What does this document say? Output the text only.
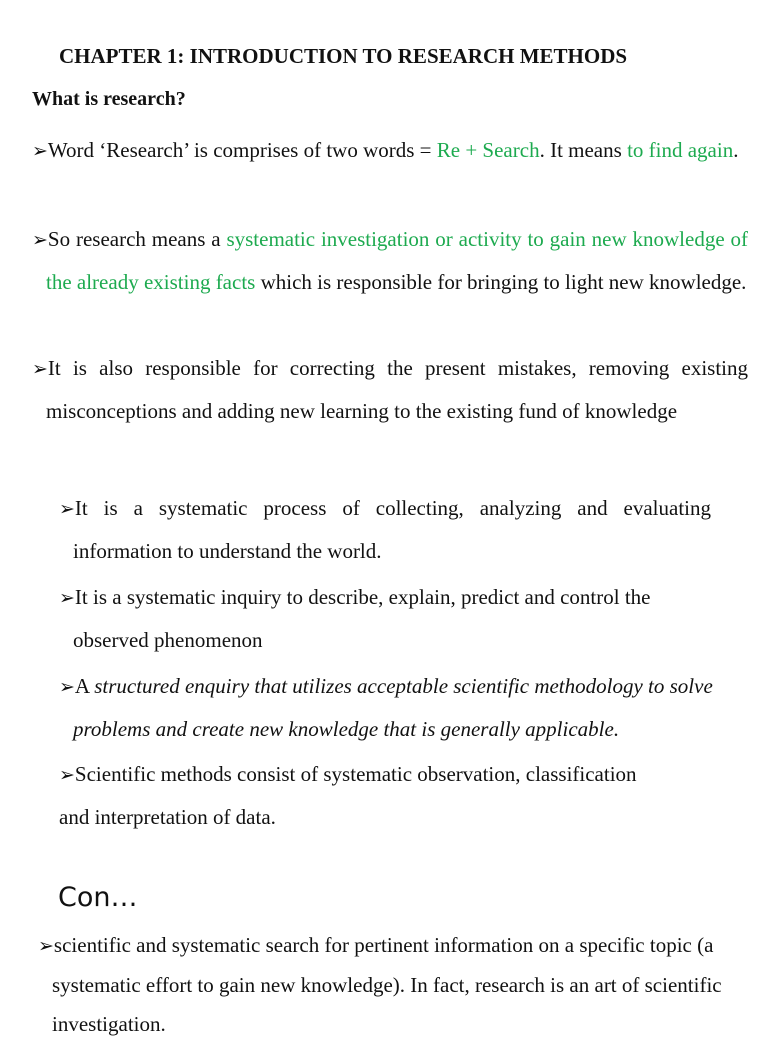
CHAPTER 1: INTRODUCTION TO RESEARCH METHODS
What is research?
➢Word ‘Research’ is comprises of two words = Re + Search. It means to find again.
➢So research means a systematic investigation or activity to gain new knowledge of the already existing facts which is responsible for bringing to light new knowledge.
➢It is also responsible for correcting the present mistakes, removing existing misconceptions and adding new learning to the existing fund of knowledge
➢It is a systematic process of collecting, analyzing and evaluating information to understand the world.
➢It is a systematic inquiry to describe, explain, predict and control the observed phenomenon
➢A structured enquiry that utilizes acceptable scientific methodology to solve problems and create new knowledge that is generally applicable.
➢Scientific methods consist of systematic observation, classification
and interpretation of data.
Con…
➢scientific and systematic search for pertinent information on a specific topic (a systematic effort to gain new knowledge). In fact, research is an art of scientific investigation.
